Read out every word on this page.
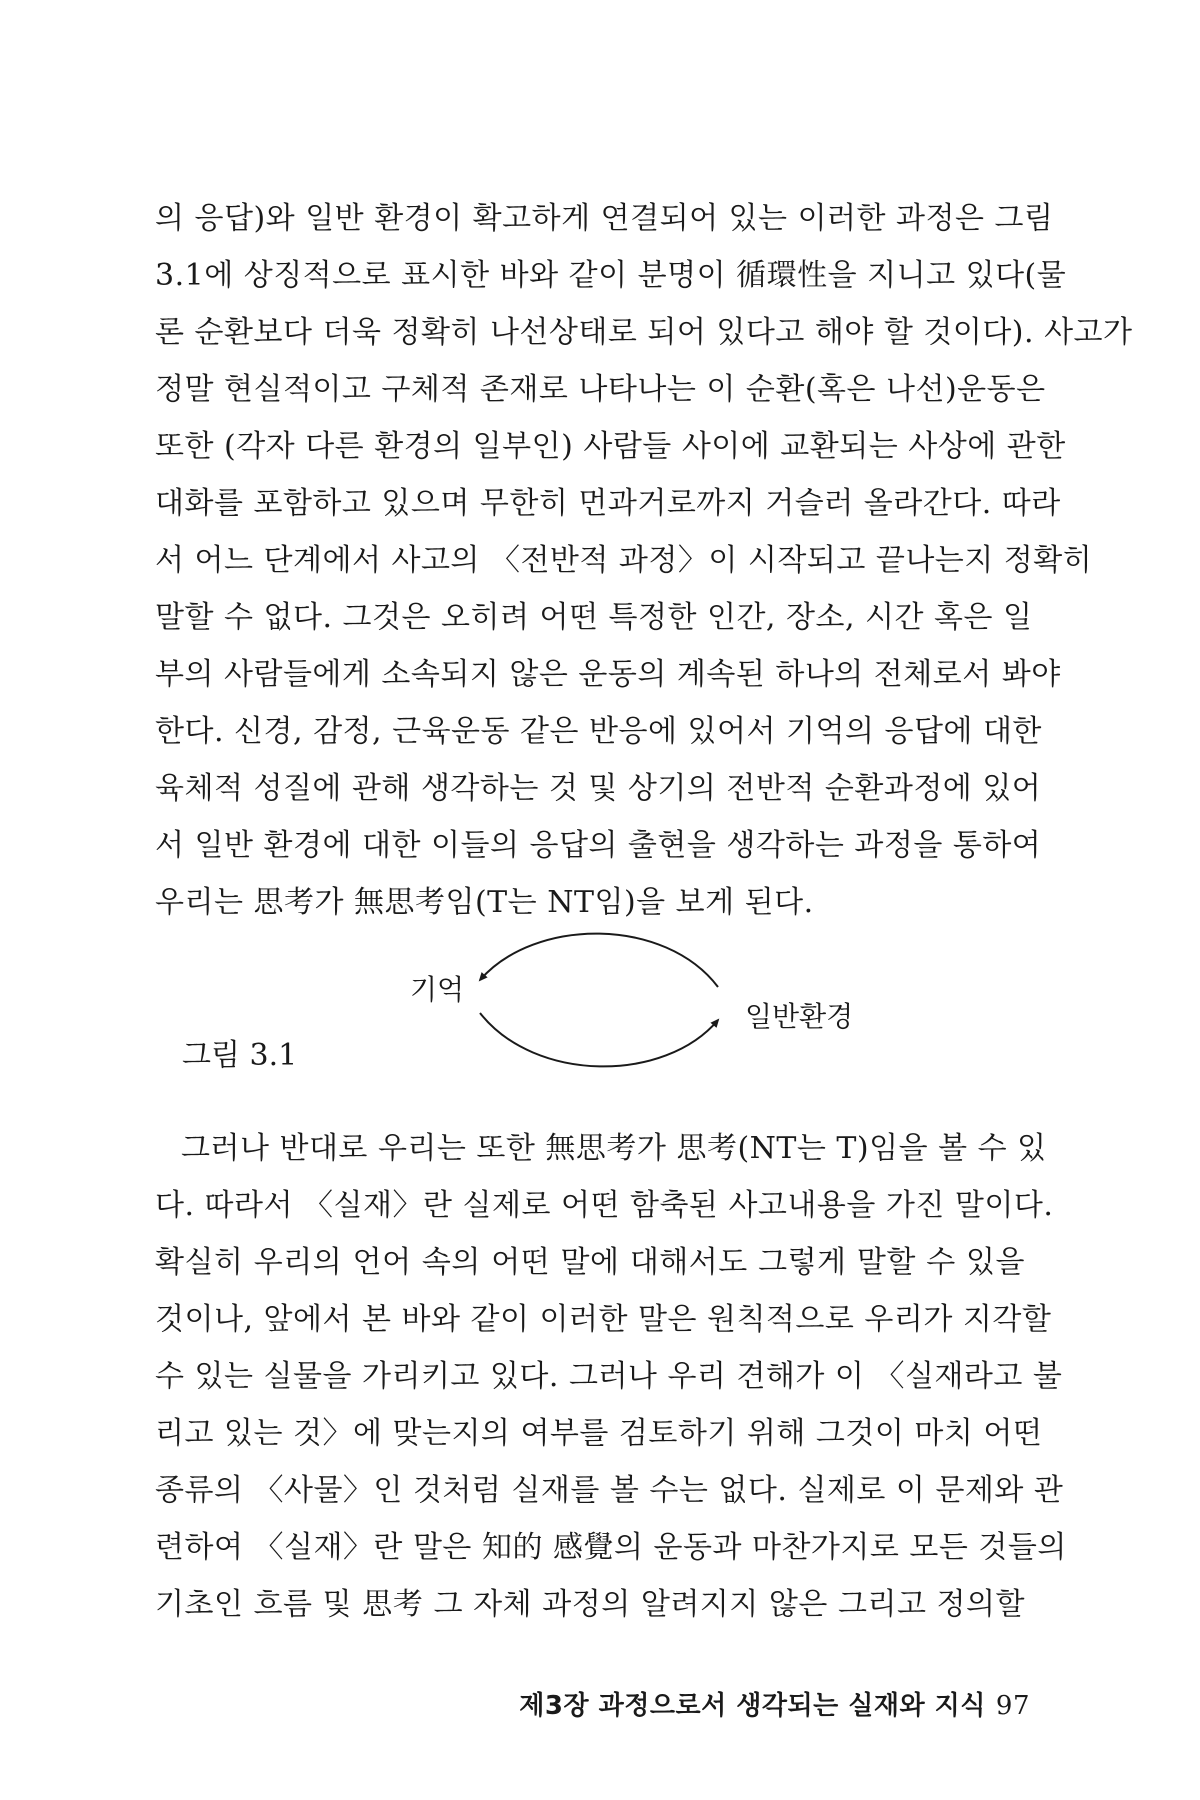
의 응답)와 일반 환경이 확고하게 연결되어 있는 이러한 과정은 그림
3.1에 상징적으로 표시한 바와 같이 분명이 循環性을 지니고 있다(물
론 순환보다 더욱 정확히 나선상태로 되어 있다고 해야 할 것이다). 사고가
정말 현실적이고 구체적 존재로 나타나는 이 순환(혹은 나선)운동은
또한 (각자 다른 환경의 일부인) 사람들 사이에 교환되는 사상에 관한
대화를 포함하고 있으며 무한히 먼과거로까지 거슬러 올라간다. 따라
서 어느 단계에서 사고의 〈전반적 과정〉이 시작되고 끝나는지 정확히
말할 수 없다. 그것은 오히려 어떤 특정한 인간, 장소, 시간 혹은 일
부의 사람들에게 소속되지 않은 운동의 계속된 하나의 전체로서 봐야
한다. 신경, 감정, 근육운동 같은 반응에 있어서 기억의 응답에 대한
육체적 성질에 관해 생각하는 것 및 상기의 전반적 순환과정에 있어
서 일반 환경에 대한 이들의 응답의 출현을 생각하는 과정을 통하여
우리는 思考가 無思考임(T는 NT임)을 보게 된다.
기억
일반환경
그림 3.1
그러나 반대로 우리는 또한 無思考가 思考(NT는 T)임을 볼 수 있
다. 따라서 〈실재〉란 실제로 어떤 함축된 사고내용을 가진 말이다.
확실히 우리의 언어 속의 어떤 말에 대해서도 그렇게 말할 수 있을
것이나, 앞에서 본 바와 같이 이러한 말은 원칙적으로 우리가 지각할
수 있는 실물을 가리키고 있다. 그러나 우리 견해가 이 〈실재라고 불
리고 있는 것〉에 맞는지의 여부를 검토하기 위해 그것이 마치 어떤
종류의 〈사물〉인 것처럼 실재를 볼 수는 없다. 실제로 이 문제와 관
련하여 〈실재〉란 말은 知的 感覺의 운동과 마찬가지로 모든 것들의
기초인 흐름 및 思考 그 자체 과정의 알려지지 않은 그리고 정의할
제3장 과정으로서 생각되는 실재와 지식 97
